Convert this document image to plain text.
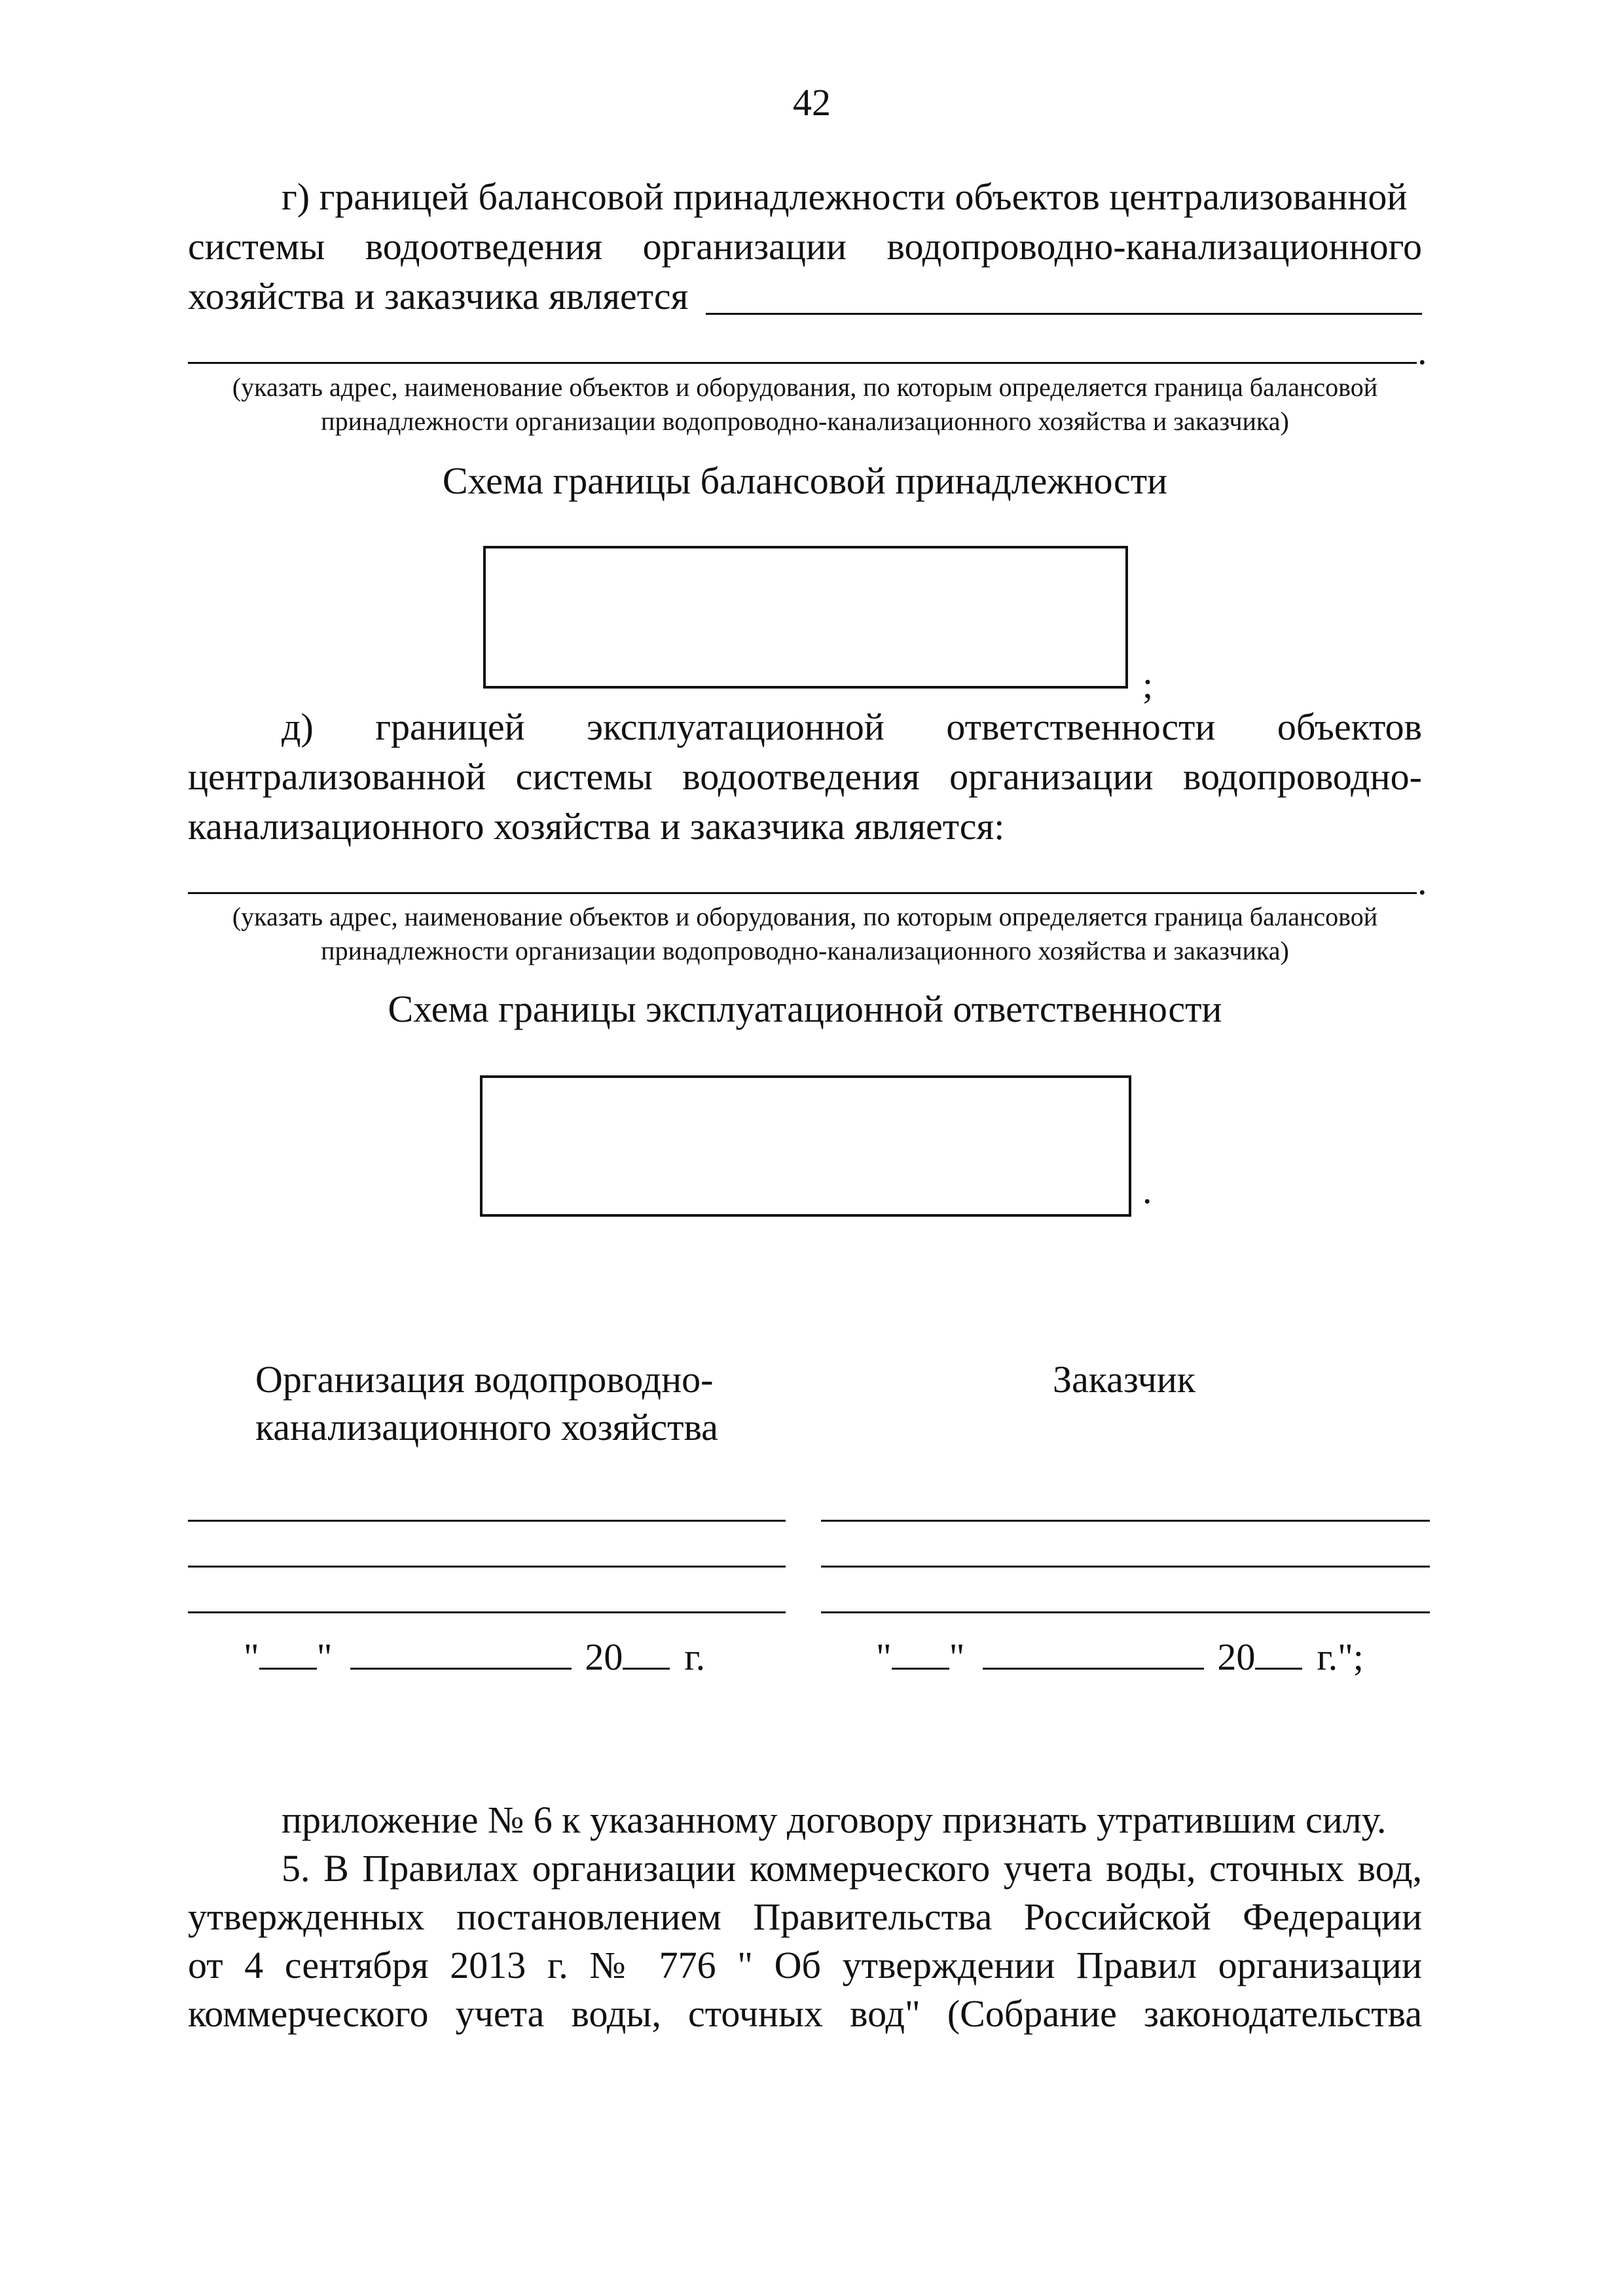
42
г) границей балансовой принадлежности объектов централизованной
системы водоотведения организации водопроводно-канализационного
хозяйства и заказчика является
.
(указать адрес, наименование объектов и оборудования, по которым определяется граница балансовой
принадлежности организации водопроводно-канализационного хозяйства и заказчика)
Схема границы балансовой принадлежности
;
д) границей эксплуатационной ответственности объектов
централизованной системы водоотведения организации водопроводно-
канализационного хозяйства и заказчика является:
.
(указать адрес, наименование объектов и оборудования, по которым определяется граница балансовой
принадлежности организации водопроводно-канализационного хозяйства и заказчика)
Схема границы эксплуатационной ответственности
.
Организация водопроводно-
канализационного хозяйства
Заказчик
" "	20 г.	" "	20 г.";
приложение № 6 к указанному договору признать утратившим силу.
5. В Правилах организации коммерческого учета воды, сточных вод,
утвержденных постановлением Правительства Российской Федерации
от 4 сентября 2013 г. № 776 " Об утверждении Правил организации
коммерческого учета воды, сточных вод" (Собрание законодательства
